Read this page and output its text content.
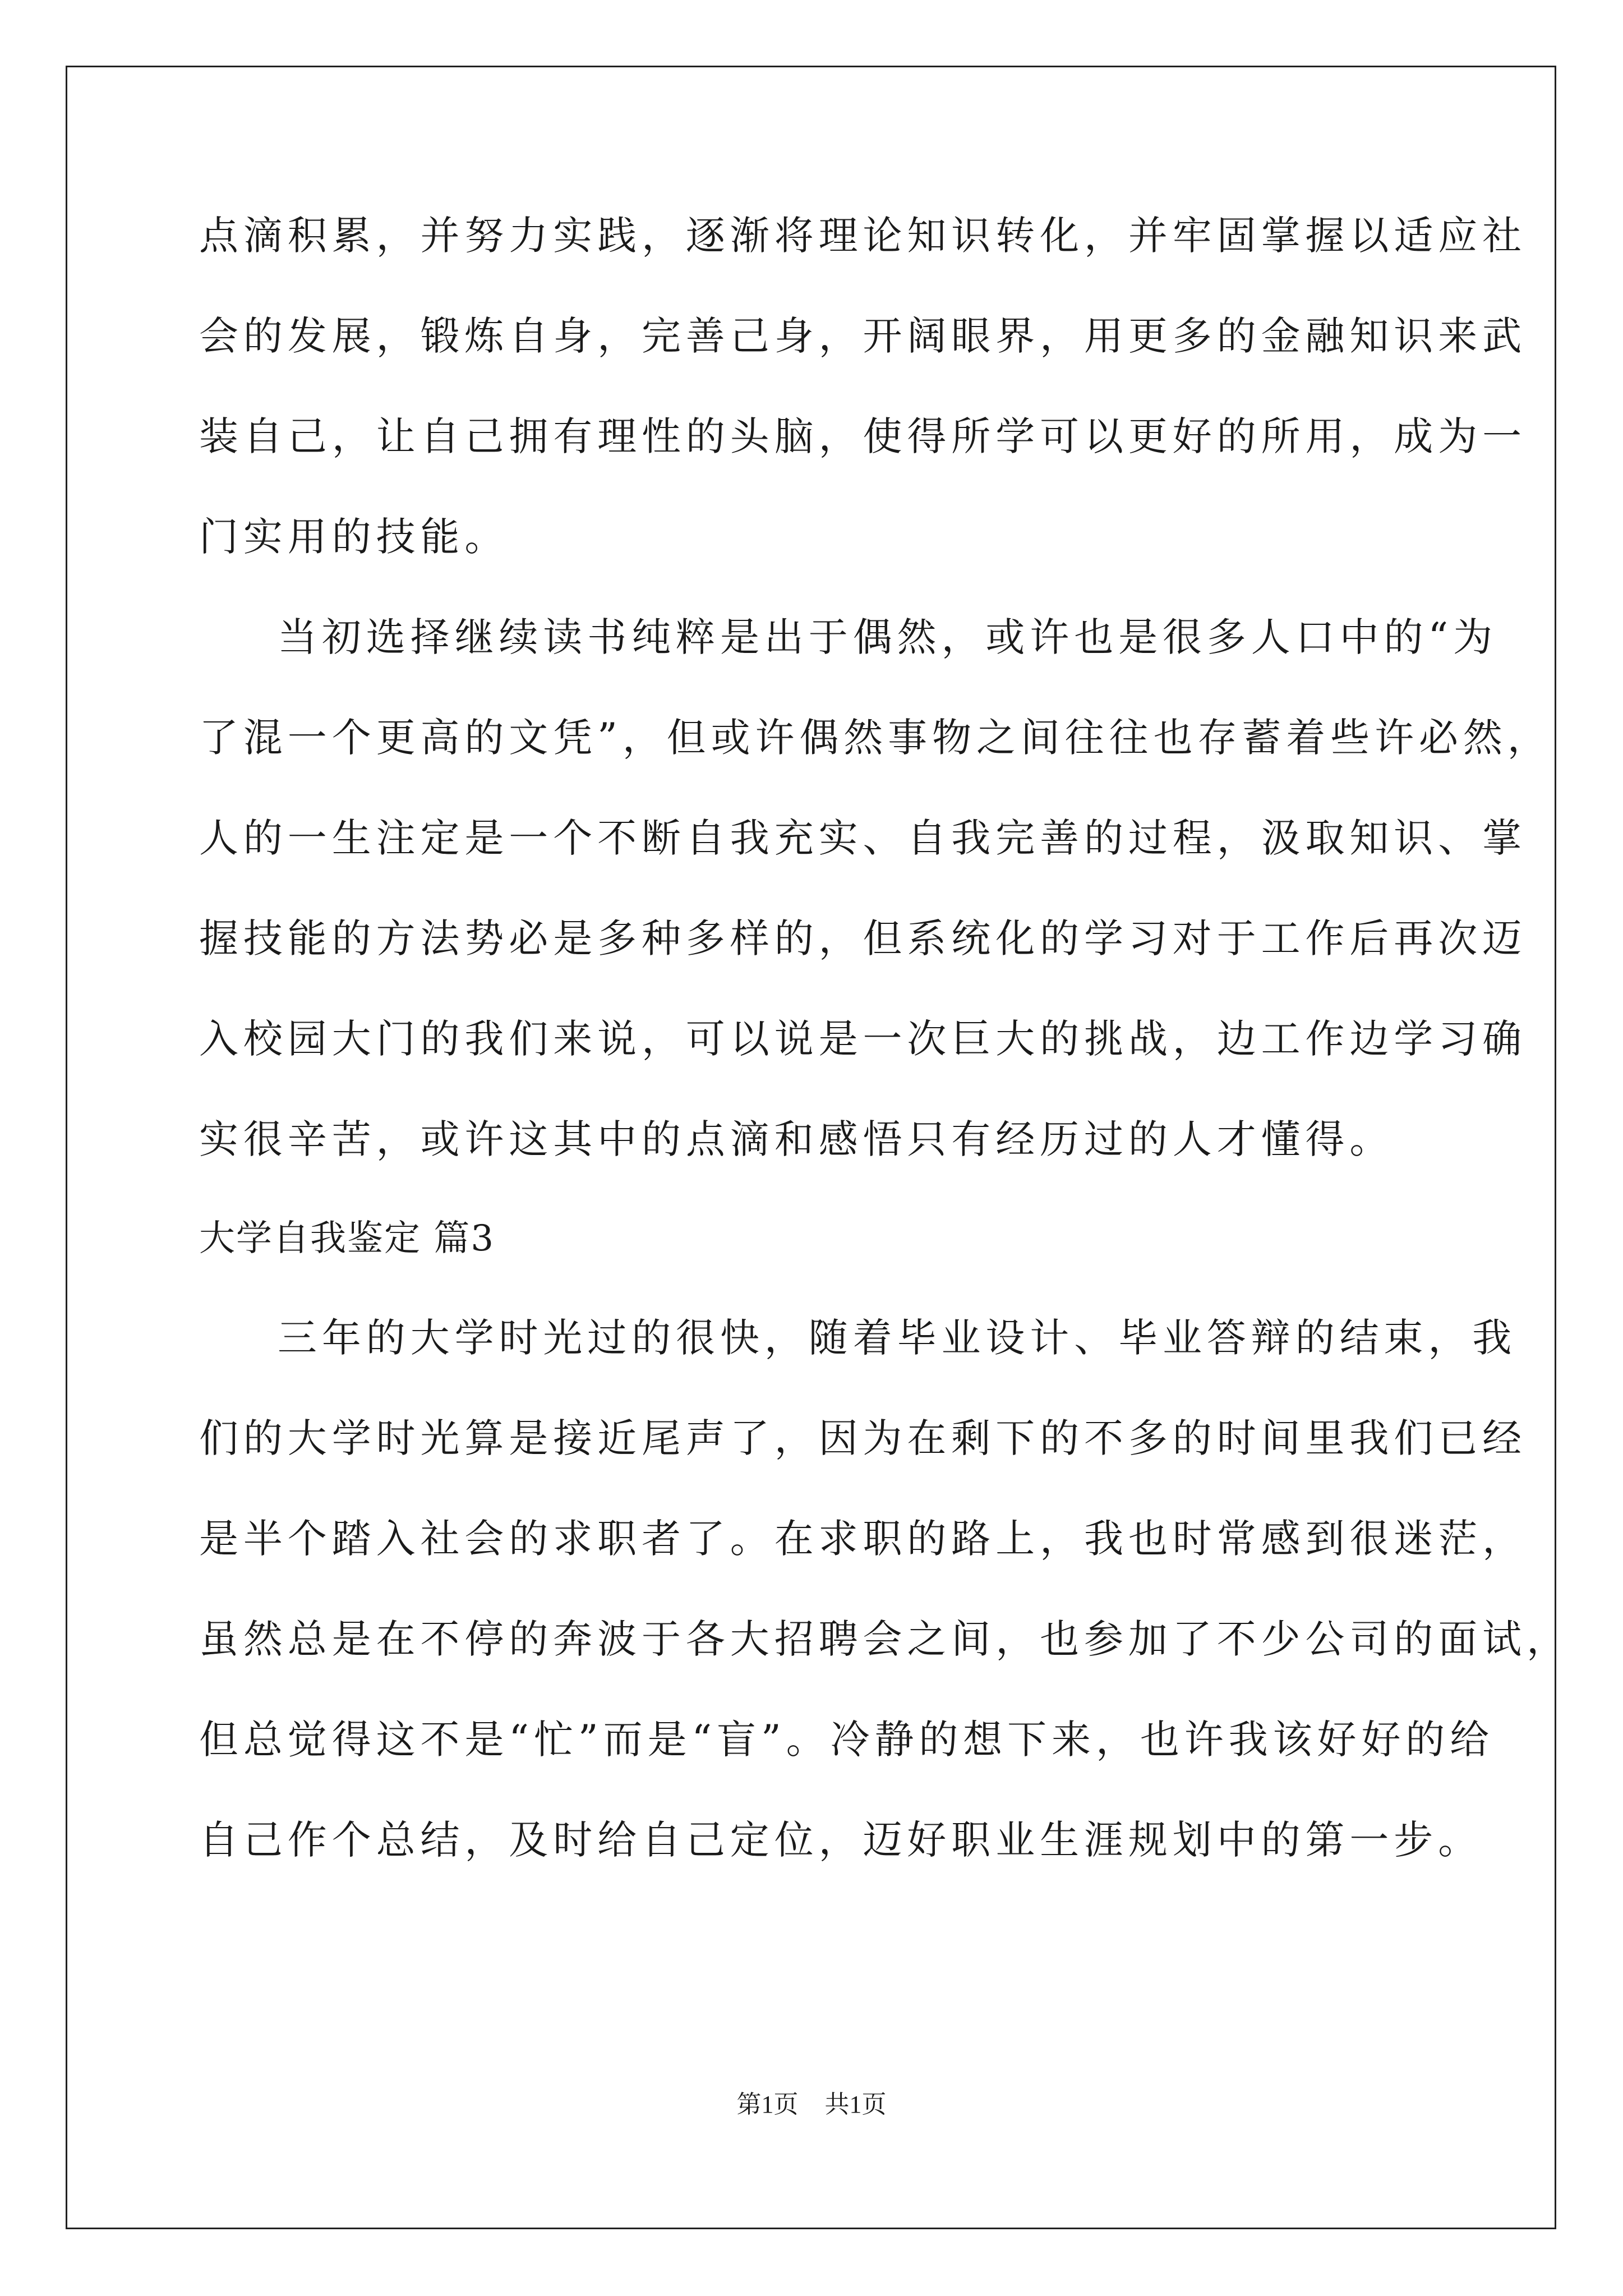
点滴积累，并努力实践，逐渐将理论知识转化，并牢固掌握以适应社
会的发展，锻炼自身，完善己身，开阔眼界，用更多的金融知识来武
装自己，让自己拥有理性的头脑，使得所学可以更好的所用，成为一
门实用的技能。
当初选择继续读书纯粹是出于偶然，或许也是很多人口中的“为
了混一个更高的文凭”，但或许偶然事物之间往往也存蓄着些许必然，
人的一生注定是一个不断自我充实、自我完善的过程，汲取知识、掌
握技能的方法势必是多种多样的，但系统化的学习对于工作后再次迈
入校园大门的我们来说，可以说是一次巨大的挑战，边工作边学习确
实很辛苦，或许这其中的点滴和感悟只有经历过的人才懂得。
大学自我鉴定 篇3
三年的大学时光过的很快，随着毕业设计、毕业答辩的结束，我
们的大学时光算是接近尾声了，因为在剩下的不多的时间里我们已经
是半个踏入社会的求职者了。在求职的路上，我也时常感到很迷茫，
虽然总是在不停的奔波于各大招聘会之间，也参加了不少公司的面试，
但总觉得这不是“忙”而是“盲”。冷静的想下来，也许我该好好的给
自己作个总结，及时给自己定位，迈好职业生涯规划中的第一步。
第1页 共1页
